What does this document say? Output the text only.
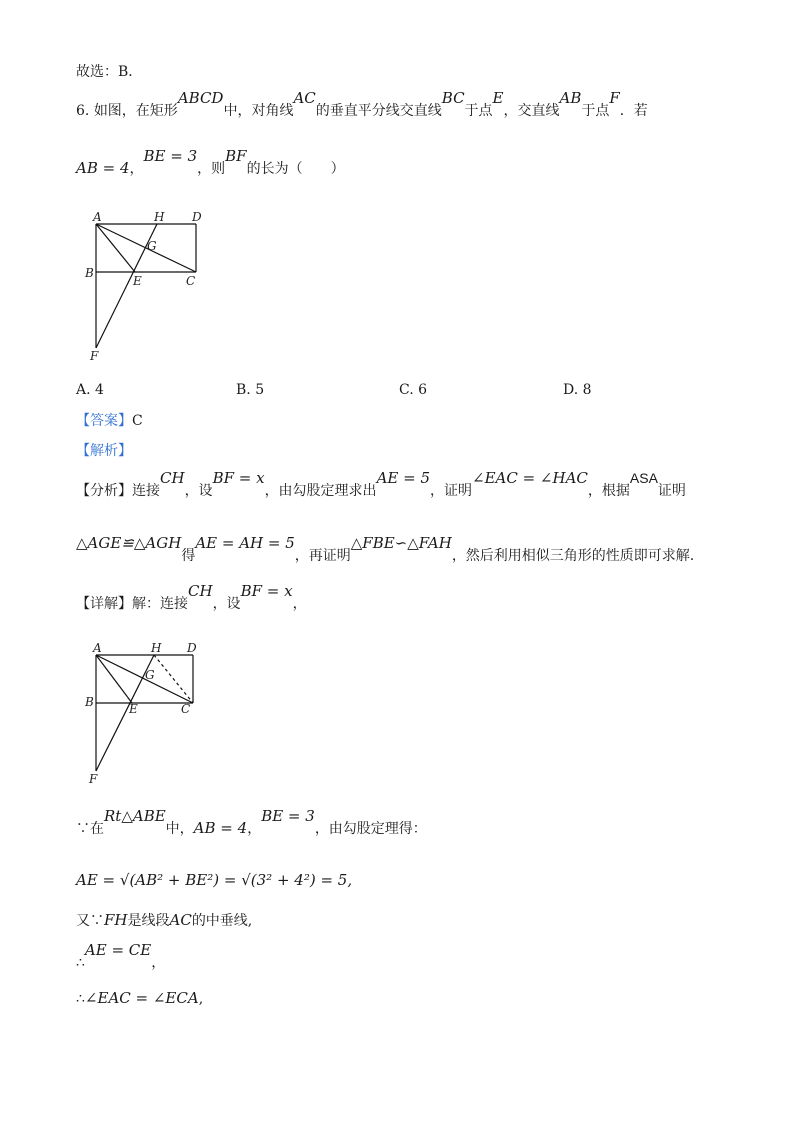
故选：B．
6. 如图，在矩形ABCD中，对角线AC的垂直平分线交直线BC于点E，交直线AB于点F．若
AB = 4，BE = 3，则BF的长为（　　）
A	H D
G
B
E	C
F
A. 4	B. 5	C. 6	D. 8
【答案】C
【解析】
【分析】连接CH，设BF = x，由勾股定理求出AE = 5，证明∠EAC = ∠HAC，根据ASA证明
△AGE≌△AGH得AE = AH = 5，再证明△FBE∽△FAH，然后利用相似三角形的性质即可求解.
【详解】解：连接CH，设BF = x，
A	H D
G
B	E	C
F
∵在Rt△ABE中，AB = 4，BE = 3，由勾股定理得：
AE = √(AB² + BE²) = √(3² + 4²) = 5,
又∵FH是线段AC的中垂线,
∴AE = CE，
∴∠EAC = ∠ECA,
